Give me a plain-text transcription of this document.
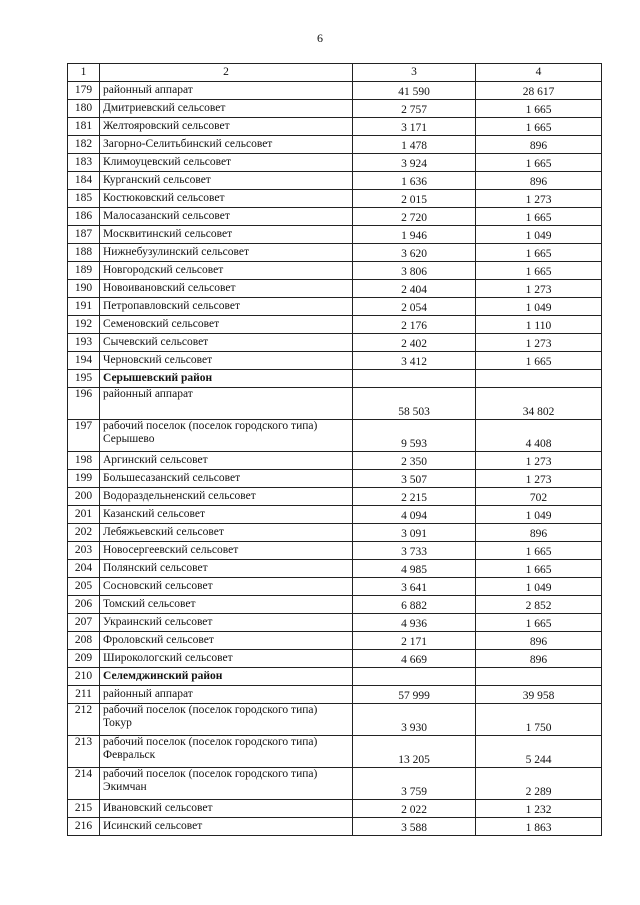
6
1	2	3	4
179	районный аппарат	41 590	28 617
180	Дмитриевский сельсовет	2 757	1 665
181	Желтояровский сельсовет	3 171	1 665
182	Загорно-Селитьбинский сельсовет	1 478	896
183	Климоуцевский сельсовет	3 924	1 665
184	Курганский сельсовет	1 636	896
185	Костюковский сельсовет	2 015	1 273
186	Малосазанский сельсовет	2 720	1 665
187	Москвитинский сельсовет	1 946	1 049
188	Нижнебузулинский сельсовет	3 620	1 665
189	Новгородский сельсовет	3 806	1 665
190	Новоивановский сельсовет	2 404	1 273
191	Петропавловский сельсовет	2 054	1 049
192	Семеновский сельсовет	2 176	1 110
193	Сычевский сельсовет	2 402	1 273
194	Черновский сельсовет	3 412	1 665
195	Серышевский район		
196	районный аппарат	58 503	34 802
197	рабочий поселок (поселок городского типа) Серышево	9 593	4 408
198	Аргинский сельсовет	2 350	1 273
199	Большесазанский сельсовет	3 507	1 273
200	Водораздельненский сельсовет	2 215	702
201	Казанский сельсовет	4 094	1 049
202	Лебяжьевский сельсовет	3 091	896
203	Новосергеевский сельсовет	3 733	1 665
204	Полянский сельсовет	4 985	1 665
205	Сосновский сельсовет	3 641	1 049
206	Томский сельсовет	6 882	2 852
207	Украинский сельсовет	4 936	1 665
208	Фроловский сельсовет	2 171	896
209	Широкологский сельсовет	4 669	896
210	Селемджинский район		
211	районный аппарат	57 999	39 958
212	рабочий поселок (поселок городского типа) Токур	3 930	1 750
213	рабочий поселок (поселок городского типа) Февральск	13 205	5 244
214	рабочий поселок (поселок городского типа) Экимчан	3 759	2 289
215	Ивановский сельсовет	2 022	1 232
216	Исинский сельсовет	3 588	1 863
